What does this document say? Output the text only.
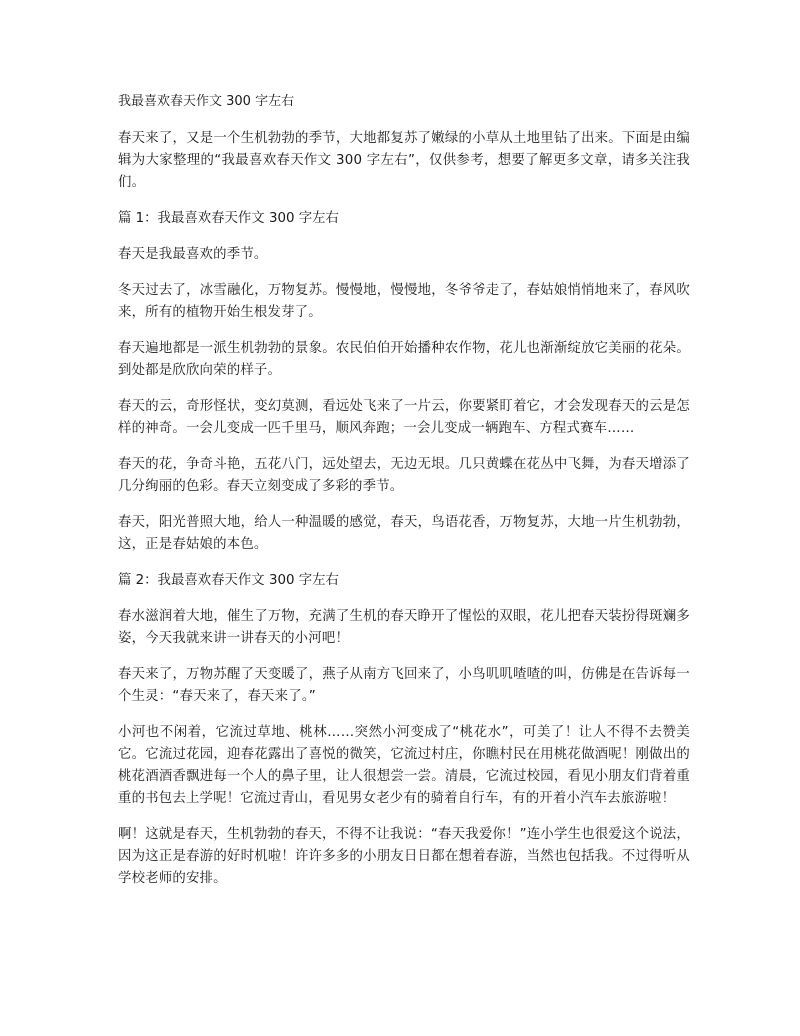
我最喜欢春天作文 300 字左右
春天来了，又是一个生机勃勃的季节，大地都复苏了嫩绿的小草从土地里钻了出来。下面是由编辑为大家整理的“我最喜欢春天作文 300 字左右”，仅供参考，想要了解更多文章，请多关注我们。
篇 1：我最喜欢春天作文 300 字左右
春天是我最喜欢的季节。
冬天过去了，冰雪融化，万物复苏。慢慢地，慢慢地，冬爷爷走了，春姑娘悄悄地来了，春风吹来，所有的植物开始生根发芽了。
春天遍地都是一派生机勃勃的景象。农民伯伯开始播种农作物，花儿也渐渐绽放它美丽的花朵。到处都是欣欣向荣的样子。
春天的云，奇形怪状，变幻莫测，看远处飞来了一片云，你要紧盯着它，才会发现春天的云是怎样的神奇。一会儿变成一匹千里马，顺风奔跑；一会儿变成一辆跑车、方程式赛车……
春天的花，争奇斗艳，五花八门，远处望去，无边无垠。几只黄蝶在花丛中飞舞，为春天增添了几分绚丽的色彩。春天立刻变成了多彩的季节。
春天，阳光普照大地，给人一种温暖的感觉，春天，鸟语花香，万物复苏，大地一片生机勃勃，这，正是春姑娘的本色。
篇 2：我最喜欢春天作文 300 字左右
春水滋润着大地，催生了万物，充满了生机的春天睁开了惺忪的双眼，花儿把春天装扮得斑斓多姿，今天我就来讲一讲春天的小河吧！
春天来了，万物苏醒了天变暖了，燕子从南方飞回来了，小鸟叽叽喳喳的叫，仿佛是在告诉每一个生灵：“春天来了，春天来了。”
小河也不闲着，它流过草地、桃林……突然小河变成了“桃花水”，可美了！让人不得不去赞美它。它流过花园，迎春花露出了喜悦的微笑，它流过村庄，你瞧村民在用桃花做酒呢！刚做出的桃花酒酒香飘进每一个人的鼻子里，让人很想尝一尝。清晨，它流过校园，看见小朋友们背着重重的书包去上学呢！它流过青山，看见男女老少有的骑着自行车，有的开着小汽车去旅游啦！
啊！这就是春天，生机勃勃的春天，不得不让我说：“春天我爱你！”连小学生也很爱这个说法，因为这正是春游的好时机啦！许许多多的小朋友日日都在想着春游，当然也包括我。不过得听从学校老师的安排。
